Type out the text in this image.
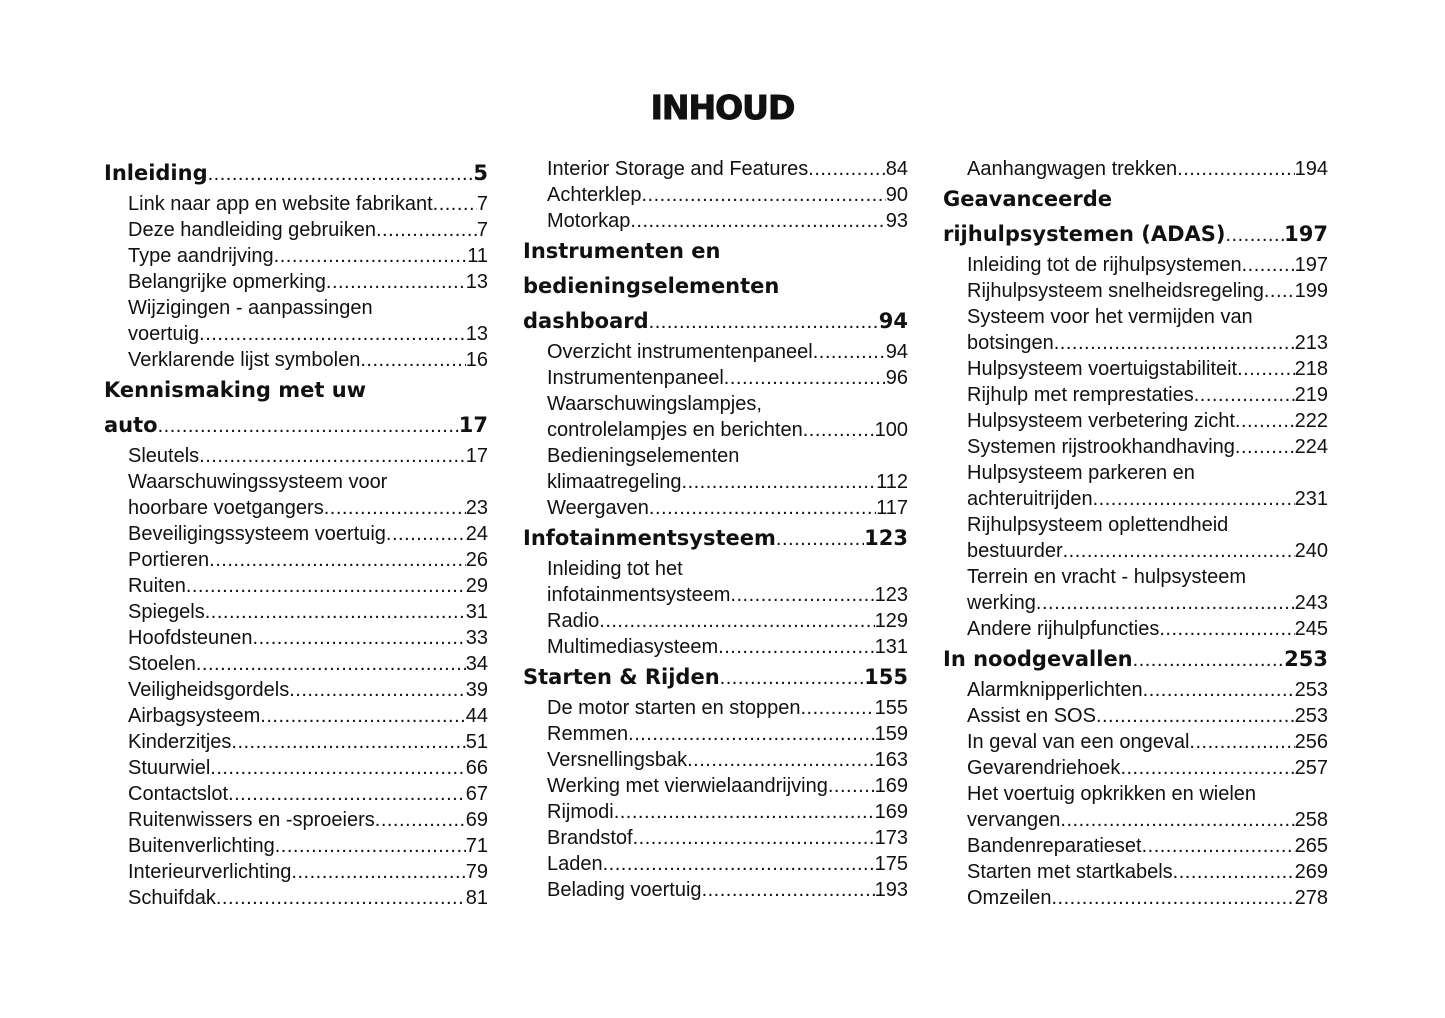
INHOUD
Inleiding .....	5
Link naar app en website fabrikant ..... 7
Deze handleiding gebruiken .....	7
Type aandrijving .....	11
Belangrijke opmerking .....	13
Wijzigingen - aanpassingen
voertuig .....	13
Verklarende lijst symbolen .....	16
Kennismaking met uw
auto .....	17
Sleutels .....	17
Waarschuwingssysteem voor
hoorbare voetgangers .....	23
Beveiligingssysteem voertuig .....	24
Portieren .....	26
Ruiten .....	29
Spiegels .....	31
Hoofdsteunen .....	33
Stoelen .....	34
Veiligheidsgordels .....	39
Airbagsysteem .....	44
Kinderzitjes .....	51
Stuurwiel .....	66
Contactslot .....	67
Ruitenwissers en -sproeiers .....	69
Buitenverlichting .....	71
Interieurverlichting .....	79
Schuifdak .....	81
Interior Storage and Features .....	84
Achterklep .....	90
Motorkap .....	93
Instrumenten en
bedieningselementen
dashboard .....	94
Overzicht instrumentenpaneel .....	94
Instrumentenpaneel .....	96
Waarschuwingslampjes,
controlelampjes en berichten .....	100
Bedieningselementen
klimaatregeling .....	112
Weergaven .....	117
Infotainmentsysteem .....	123
Inleiding tot het
infotainmentsysteem .....	123
Radio .....	129
Multimediasysteem .....	131
Starten & Rijden .....	155
De motor starten en stoppen .....	155
Remmen .....	159
Versnellingsbak .....	163
Werking met vierwielaandrijving ..... 169
Rijmodi .....	169
Brandstof .....	173
Laden .....	175
Belading voertuig .....	193
Aanhangwagen trekken .....	194
Geavanceerde
rijhulpsystemen (ADAS) .....	197
Inleiding tot de rijhulpsystemen .....	197
Rijhulpsysteem snelheidsregeling ..... 199
Systeem voor het vermijden van
botsingen .....	213
Hulpsysteem voertuigstabiliteit .....	218
Rijhulp met remprestaties .....	219
Hulpsysteem verbetering zicht .....	222
Systemen rijstrookhandhaving .....	224
Hulpsysteem parkeren en
achteruitrijden .....	231
Rijhulpsysteem oplettendheid
bestuurder .....	240
Terrein en vracht - hulpsysteem
werking .....	243
Andere rijhulpfuncties .....	245
In noodgevallen .....	253
Alarmknipperlichten .....	253
Assist en SOS .....	253
In geval van een ongeval .....	256
Gevarendriehoek .....	257
Het voertuig opkrikken en wielen
vervangen .....	258
Bandenreparatieset .....	265
Starten met startkabels .....	269
Omzeilen .....	278
